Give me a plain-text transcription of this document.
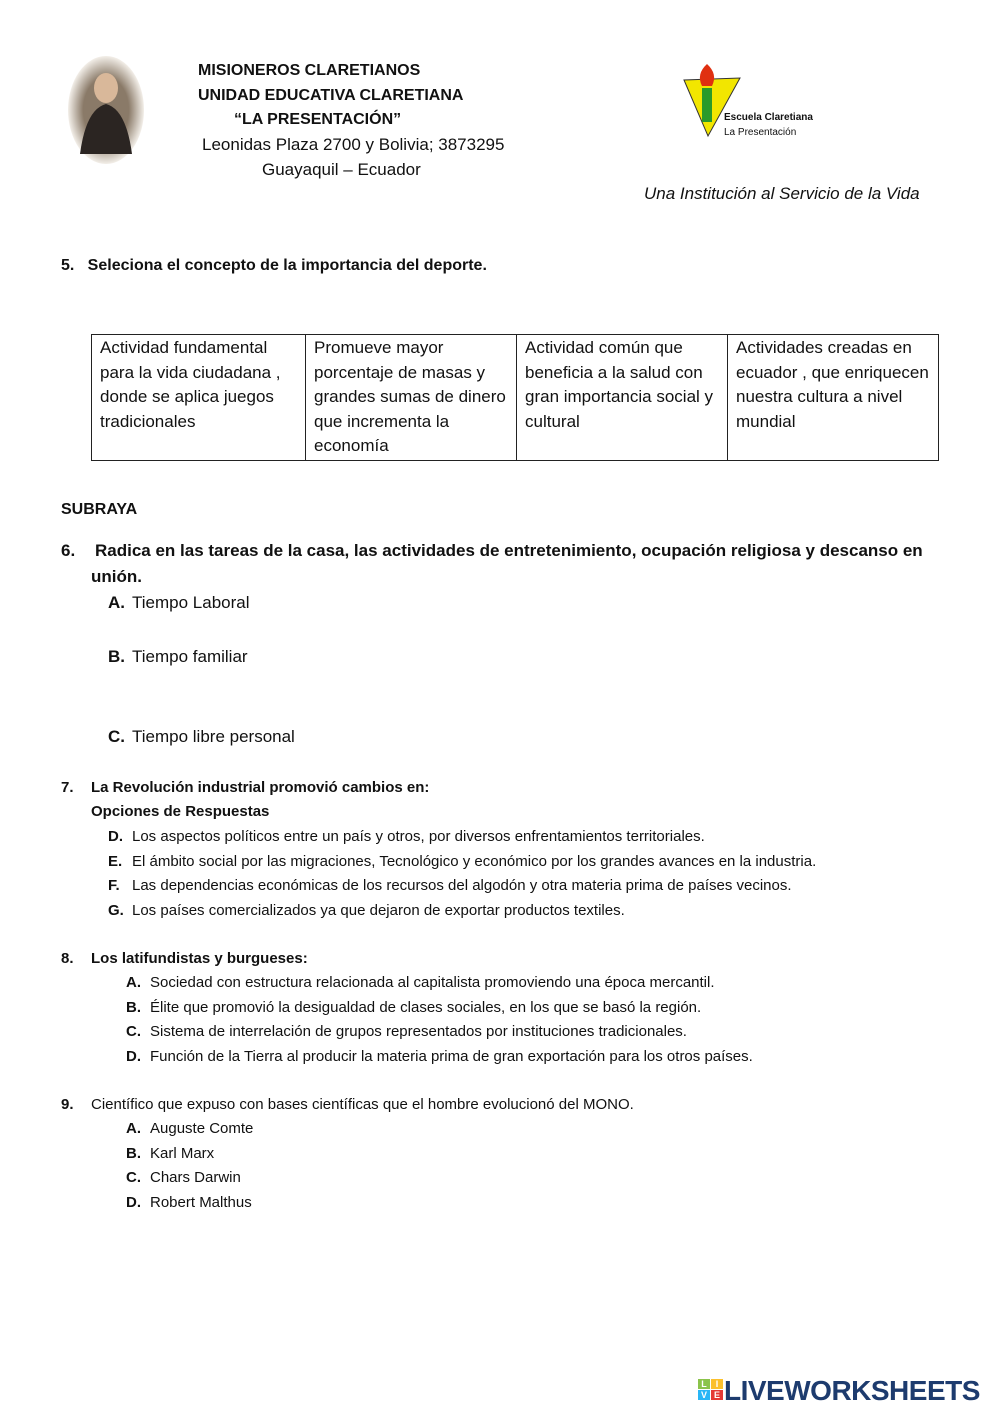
MISIONEROS CLARETIANOS
UNIDAD EDUCATIVA CLARETIANA
“LA PRESENTACIÓN”
Leonidas Plaza 2700 y Bolivia; 3873295
Guayaquil – Ecuador
Escuela Claretiana
La Presentación
Una Institución al Servicio de la Vida
5.   Seleciona el concepto de la importancia del deporte.
Actividad fundamental para la vida ciudadana , donde se aplica juegos tradicionales	Promueve mayor porcentaje de masas y grandes sumas de dinero que incrementa la economía	Actividad común que beneficia a la salud con gran importancia social y cultural	Actividades creadas en ecuador , que enriquecen nuestra cultura a nivel mundial
SUBRAYA
6. Radica en las tareas de la casa, las actividades de entretenimiento, ocupación religiosa y descanso en
unión.
A. Tiempo Laboral
B. Tiempo familiar
C. Tiempo libre personal
7. La Revolución industrial promovió cambios en:
Opciones de Respuestas
8. Los latifundistas y burgueses:
9. Científico que expuso con bases científicas que el hombre evolucionó del MONO.
L I
V E LIVEWORKSHEETS
D. Los aspectos políticos entre un país y otros, por diversos enfrentamientos territoriales.
E. El ámbito social por las migraciones, Tecnológico y económico por los grandes avances en la industria.
F. Las dependencias económicas de los recursos del algodón y otra materia prima de países vecinos.
G. Los países comercializados ya que dejaron de exportar productos textiles.
A. Sociedad con estructura relacionada al capitalista promoviendo una época mercantil.
B. Élite que promovió la desigualdad de clases sociales, en los que se basó la región.
C. Sistema de interrelación de grupos representados por instituciones tradicionales.
D. Función de la Tierra al producir la materia prima de gran exportación para los otros países.
A. Auguste Comte
B. Karl Marx
C. Chars Darwin
D. Robert Malthus
